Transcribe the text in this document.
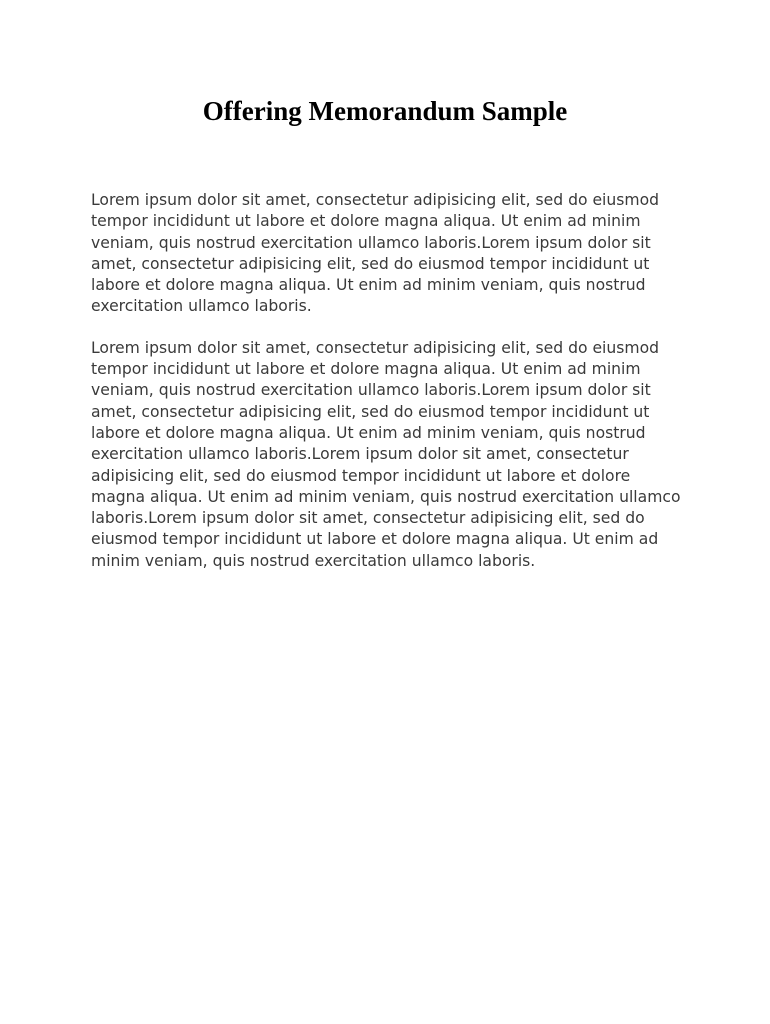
Offering Memorandum Sample

Lorem ipsum dolor sit amet, consectetur adipisicing elit, sed do eiusmod tempor incididunt ut labore et dolore magna aliqua. Ut enim ad minim veniam, quis nostrud exercitation ullamco laboris.Lorem ipsum dolor sit amet, consectetur adipisicing elit, sed do eiusmod tempor incididunt ut labore et dolore magna aliqua. Ut enim ad minim veniam, quis nostrud exercitation ullamco laboris.

Lorem ipsum dolor sit amet, consectetur adipisicing elit, sed do eiusmod tempor incididunt ut labore et dolore magna aliqua. Ut enim ad minim veniam, quis nostrud exercitation ullamco laboris.Lorem ipsum dolor sit amet, consectetur adipisicing elit, sed do eiusmod tempor incididunt ut labore et dolore magna aliqua. Ut enim ad minim veniam, quis nostrud exercitation ullamco laboris.Lorem ipsum dolor sit amet, consectetur adipisicing elit, sed do eiusmod tempor incididunt ut labore et dolore magna aliqua. Ut enim ad minim veniam, quis nostrud exercitation ullamco laboris.Lorem ipsum dolor sit amet, consectetur adipisicing elit, sed do eiusmod tempor incididunt ut labore et dolore magna aliqua. Ut enim ad minim veniam, quis nostrud exercitation ullamco laboris.
